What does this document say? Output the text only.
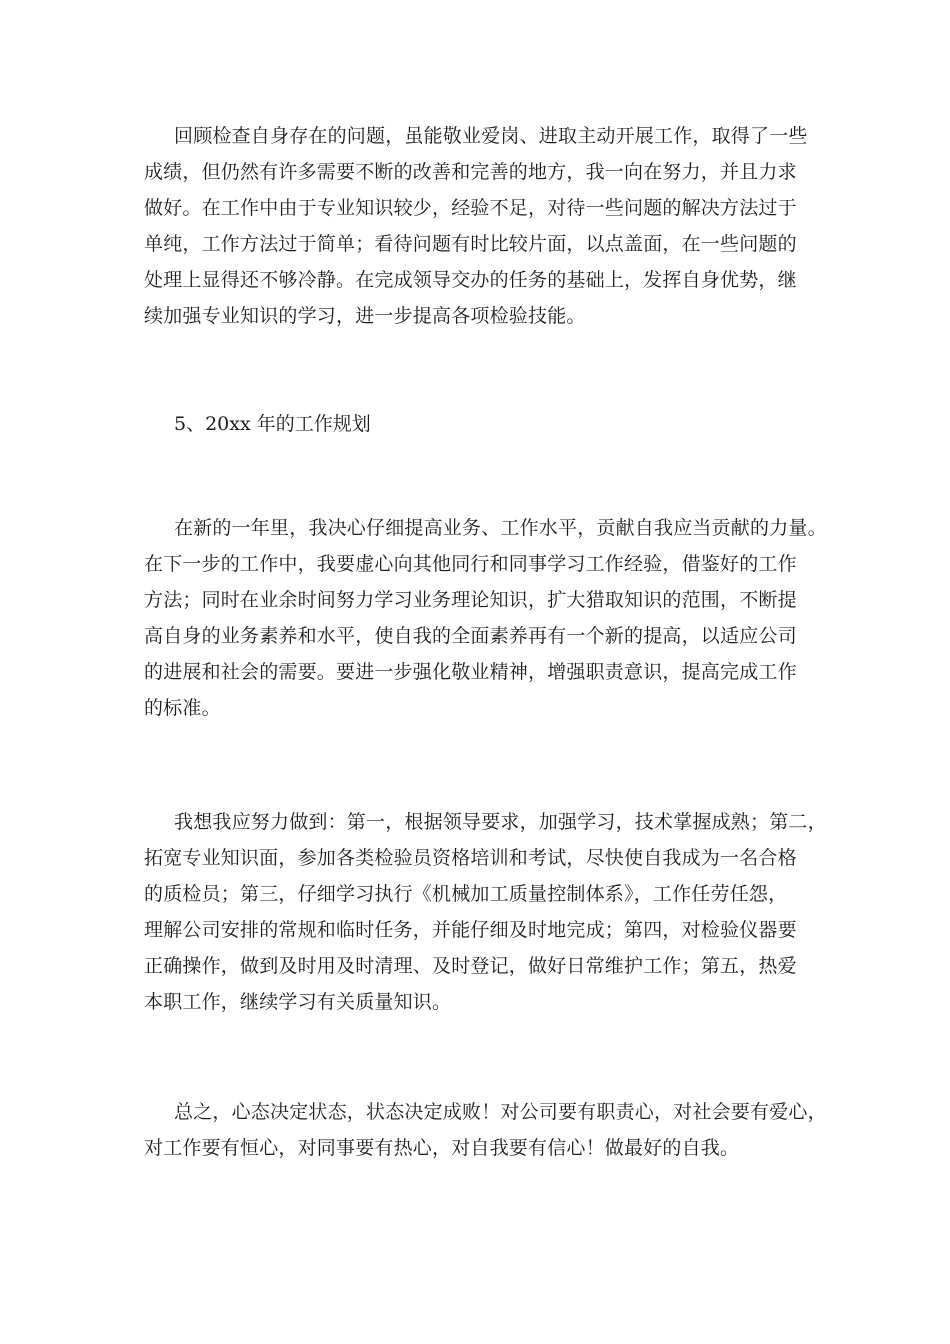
回顾检查自身存在的问题，虽能敬业爱岗、进取主动开展工作，取得了一些
成绩，但仍然有许多需要不断的改善和完善的地方，我一向在努力，并且力求
做好。在工作中由于专业知识较少，经验不足，对待一些问题的解决方法过于
单纯，工作方法过于简单；看待问题有时比较片面，以点盖面，在一些问题的
处理上显得还不够冷静。在完成领导交办的任务的基础上，发挥自身优势，继
续加强专业知识的学习，进一步提高各项检验技能。
5、20xx 年的工作规划
在新的一年里，我决心仔细提高业务、工作水平，贡献自我应当贡献的力量。
在下一步的工作中，我要虚心向其他同行和同事学习工作经验，借鉴好的工作
方法；同时在业余时间努力学习业务理论知识，扩大猎取知识的范围，不断提
高自身的业务素养和水平，使自我的全面素养再有一个新的提高，以适应公司
的进展和社会的需要。要进一步强化敬业精神，增强职责意识，提高完成工作
的标准。
我想我应努力做到：第一，根据领导要求，加强学习，技术掌握成熟；第二，
拓宽专业知识面，参加各类检验员资格培训和考试，尽快使自我成为一名合格
的质检员；第三，仔细学习执行《机械加工质量控制体系》，工作任劳任怨，
理解公司安排的常规和临时任务，并能仔细及时地完成；第四，对检验仪器要
正确操作，做到及时用及时清理、及时登记，做好日常维护工作；第五，热爱
本职工作，继续学习有关质量知识。
总之，心态决定状态，状态决定成败！对公司要有职责心，对社会要有爱心，
对工作要有恒心，对同事要有热心，对自我要有信心！做最好的自我。
